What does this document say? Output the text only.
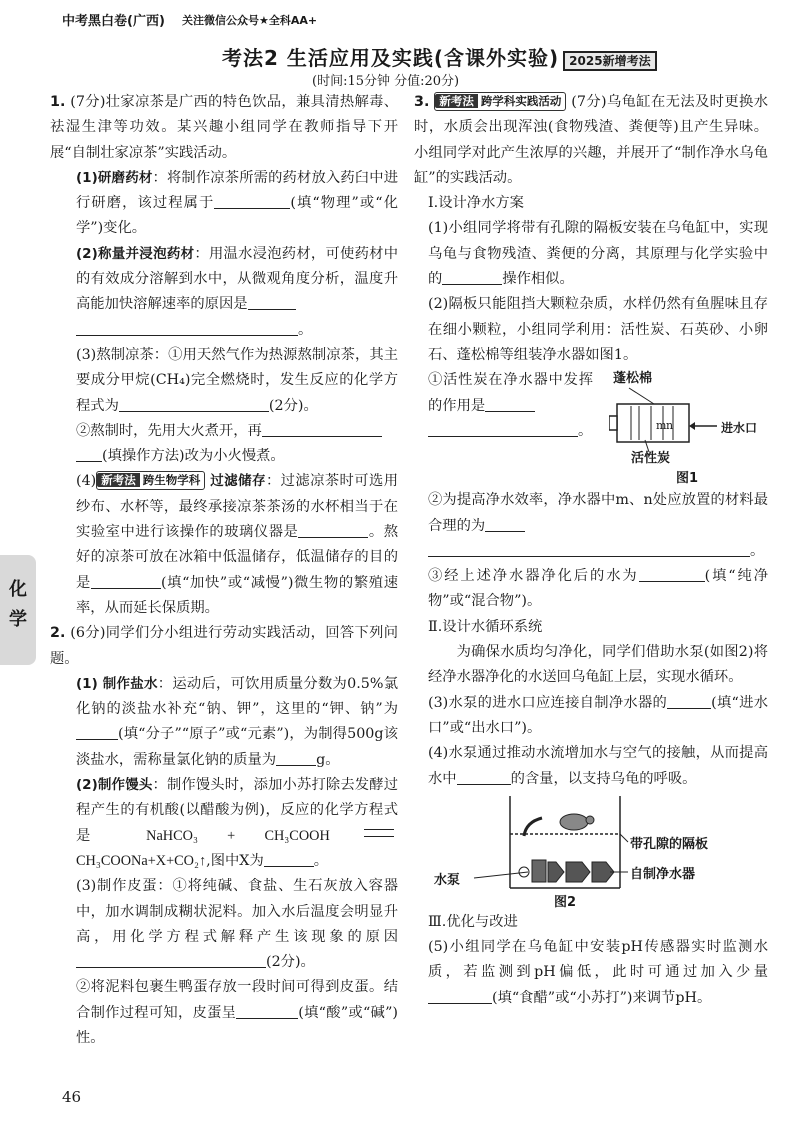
中考黑白卷(广西) 关注微信公众号★全科AA+
考法2 生活应用及实践(含课外实验) 2025新增考法
(时间:15分钟 分值:20分)
化
学

1. (7分)壮家凉茶是广西的特色饮品，兼具清热解毒、祛湿生津等功效。某兴趣小组同学在教师指导下开展“自制壮家凉茶”实践活动。

(1)研磨药材：将制作凉茶所需的药材放入药臼中进行研磨，该过程属于	(填“物理”或“化学”)变化。

(2)称量并浸泡药材：用温水浸泡药材，可使药材中的有效成分溶解到水中，从微观角度分析，温度升高能加快溶解速率的原因是
。

(3)熬制凉茶：①用天然气作为热源熬制凉茶，其主要成分甲烷(CH₄)完全燃烧时，发生反应的化学方程式为	(2分)。

②熬制时，先用大火煮开，再
(填操作方法)改为小火慢煮。

(4) 新考法 跨生物学科 过滤储存：过滤凉茶时可选用纱布、水杯等，最终承接凉茶茶汤的水杯相当于在实验室中进行该操作的玻璃仪器是	。熬好的凉茶可放在冰箱中低温储存，低温储存的目的是	(填“加快”或“减慢”)微生物的繁殖速率，从而延长保质期。

2. (6分)同学们分小组进行劳动实践活动，回答下列问题。

(1) 制作盐水：运动后，可饮用质量分数为0.5%氯化钠的淡盐水补充“钠、钾”，这里的“钾、钠”为(填“分子”“原子”或“元素”)，为制得500g该淡盐水，需称量氯化钠的质量为	g。

(2)制作馒头：制作馒头时，添加小苏打除去发酵过程产生的有机酸(以醋酸为例)，反应的化学方程式是 NaHCO₃ + CH₃COOH  CH₃COONa+X+CO₂↑,图中X为	。

(3)制作皮蛋：①将纯碱、食盐、生石灰放入容器中，加水调制成糊状泥料。加入水后温度会明显升高，用化学方程式解释产生该现象的原因(2分)。

②将泥料包裹生鸭蛋存放一段时间可得到皮蛋。结合制作过程可知，皮蛋呈	(填“酸”或“碱”)性。

3. 新考法 跨学科实践活动 (7分)乌龟缸在无法及时更换水时，水质会出现浑浊(食物残渣、粪便等)且产生异味。小组同学对此产生浓厚的兴趣，并展开了“制作净水乌龟缸”的实践活动。

Ⅰ.设计净水方案

(1)小组同学将带有孔隙的隔板安装在乌龟缸中，实现乌龟与食物残渣、粪便的分离，其原理与化学实验中的	操作相似。

(2)隔板只能阻挡大颗粒杂质，水样仍然有鱼腥味且存在细小颗粒，小组同学利用：活性炭、石英砂、小卵石、蓬松棉等组装净水器如图1。

①活性炭在净水器中发挥的作用是
。
蓬松棉
m n	进水口
活性炭
图1

②为提高净水效率，净水器中m、n处应放置的材料最合理的为
。

③经上述净水器净化后的水为	(填“纯净物”或“混合物”)。

Ⅱ.设计水循环系统

为确保水质均匀净化，同学们借助水泵(如图2)将经净水器净化的水送回乌龟缸上层，实现水循环。

(3)水泵的进水口应连接自制净水器的	(填“进水口”或“出水口”)。

(4)水泵通过推动水流增加水与空气的接触，从而提高水中	的含量，以支持乌龟的呼吸。

带孔隙的隔板
自制净水器
水泵
图2

Ⅲ.优化与改进

(5)小组同学在乌龟缸中安装pH传感器实时监测水质，若监测到pH偏低，此时可通过加入少量(填“食醋”或“小苏打”)来调节pH。

46
